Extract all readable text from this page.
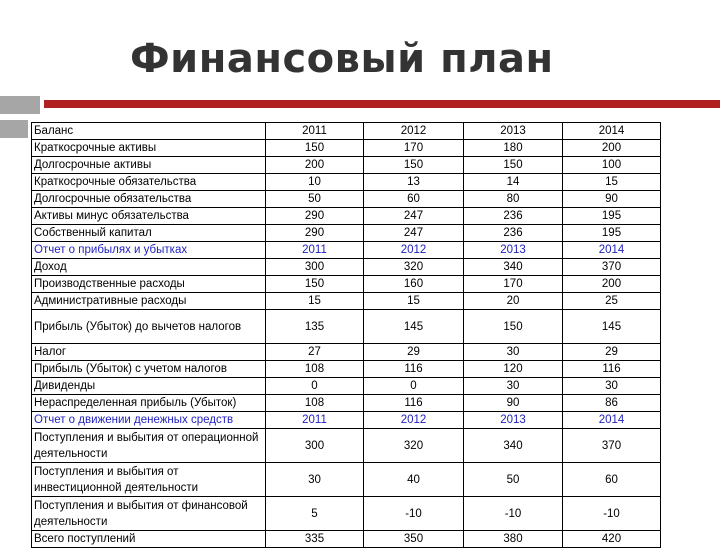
Финансовый план
Баланс	2011	2012	2013	2014
Краткосрочные активы	150	170	180	200
Долгосрочные активы	200	150	150	100
Краткосрочные обязательства	10	13	14	15
Долгосрочные обязательства	50	60	80	90
Активы минус обязательства	290	247	236	195
Собственный капитал	290	247	236	195
Отчет о прибылях и убытках	2011	2012	2013	2014
Доход	300	320	340	370
Производственные расходы	150	160	170	200
Административные расходы	15	15	20	25
Прибыль (Убыток) до вычетов налогов	135	145	150	145
Налог	27	29	30	29
Прибыль (Убыток) с учетом налогов	108	116	120	116
Дивиденды	0	0	30	30
Нераспределенная прибыль (Убыток)	108	116	90	86
Отчет о движении денежных средств	2011	2012	2013	2014
Поступления и выбытия от операционной деятельности	300	320	340	370
Поступления и выбытия от инвестиционной деятельности	30	40	50	60
Поступления и выбытия от финансовой деятельности	5	-10	-10	-10
Всего поступлений	335	350	380	420
